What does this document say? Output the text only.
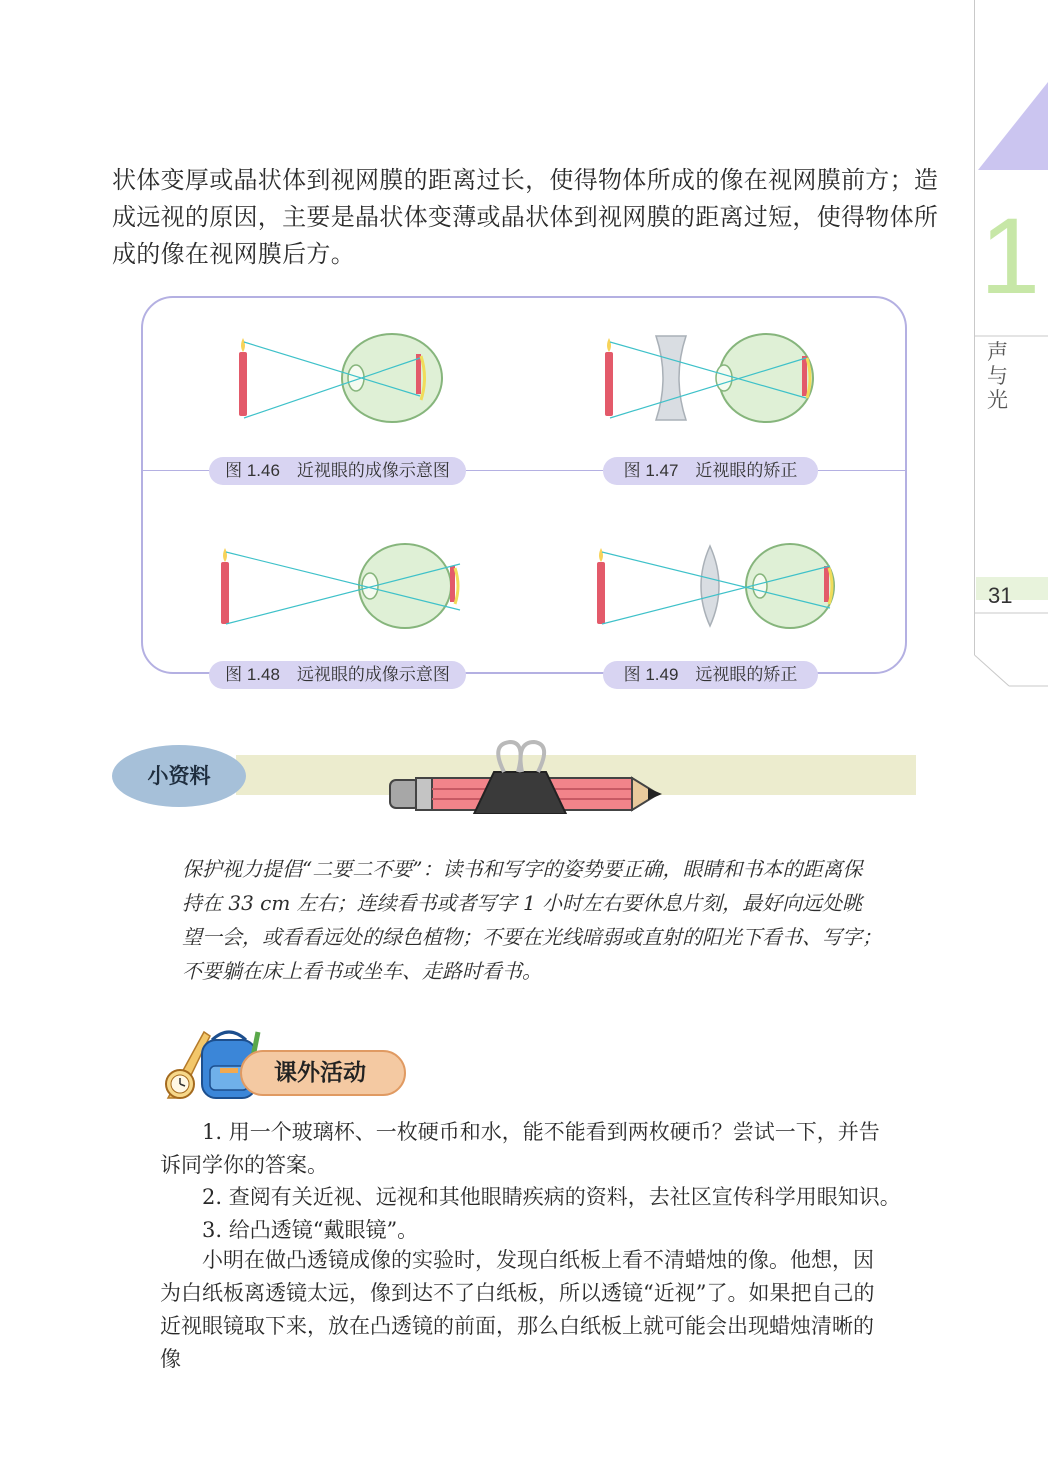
1
声与光
31

状体变厚或晶状体到视网膜的距离过长，使得物体所成的像在视网膜前方；造成远视的原因，主要是晶状体变薄或晶状体到视网膜的距离过短，使得物体所成的像在视网膜后方。

图 1.46　近视眼的成像示意图	图 1.47　近视眼的矫正
图 1.48　远视眼的成像示意图	图 1.49　远视眼的矫正
小资料

保护视力提倡“二要二不要”：读书和写字的姿势要正确，眼睛和书本的距离保持在 33 cm 左右；连续看书或者写字 1 小时左右要休息片刻，最好向远处眺望一会，或看看远处的绿色植物；不要在光线暗弱或直射的阳光下看书、写字；不要躺在床上看书或坐车、走路时看书。

课外活动

1. 用一个玻璃杯、一枚硬币和水，能不能看到两枚硬币？尝试一下，并告诉同学你的答案。

2. 查阅有关近视、远视和其他眼睛疾病的资料，去社区宣传科学用眼知识。

3. 给凸透镜“戴眼镜”。

小明在做凸透镜成像的实验时，发现白纸板上看不清蜡烛的像。他想，因为白纸板离透镜太远，像到达不了白纸板，所以透镜“近视”了。如果把自己的近视眼镜取下来，放在凸透镜的前面，那么白纸板上就可能会出现蜡烛清晰的像
